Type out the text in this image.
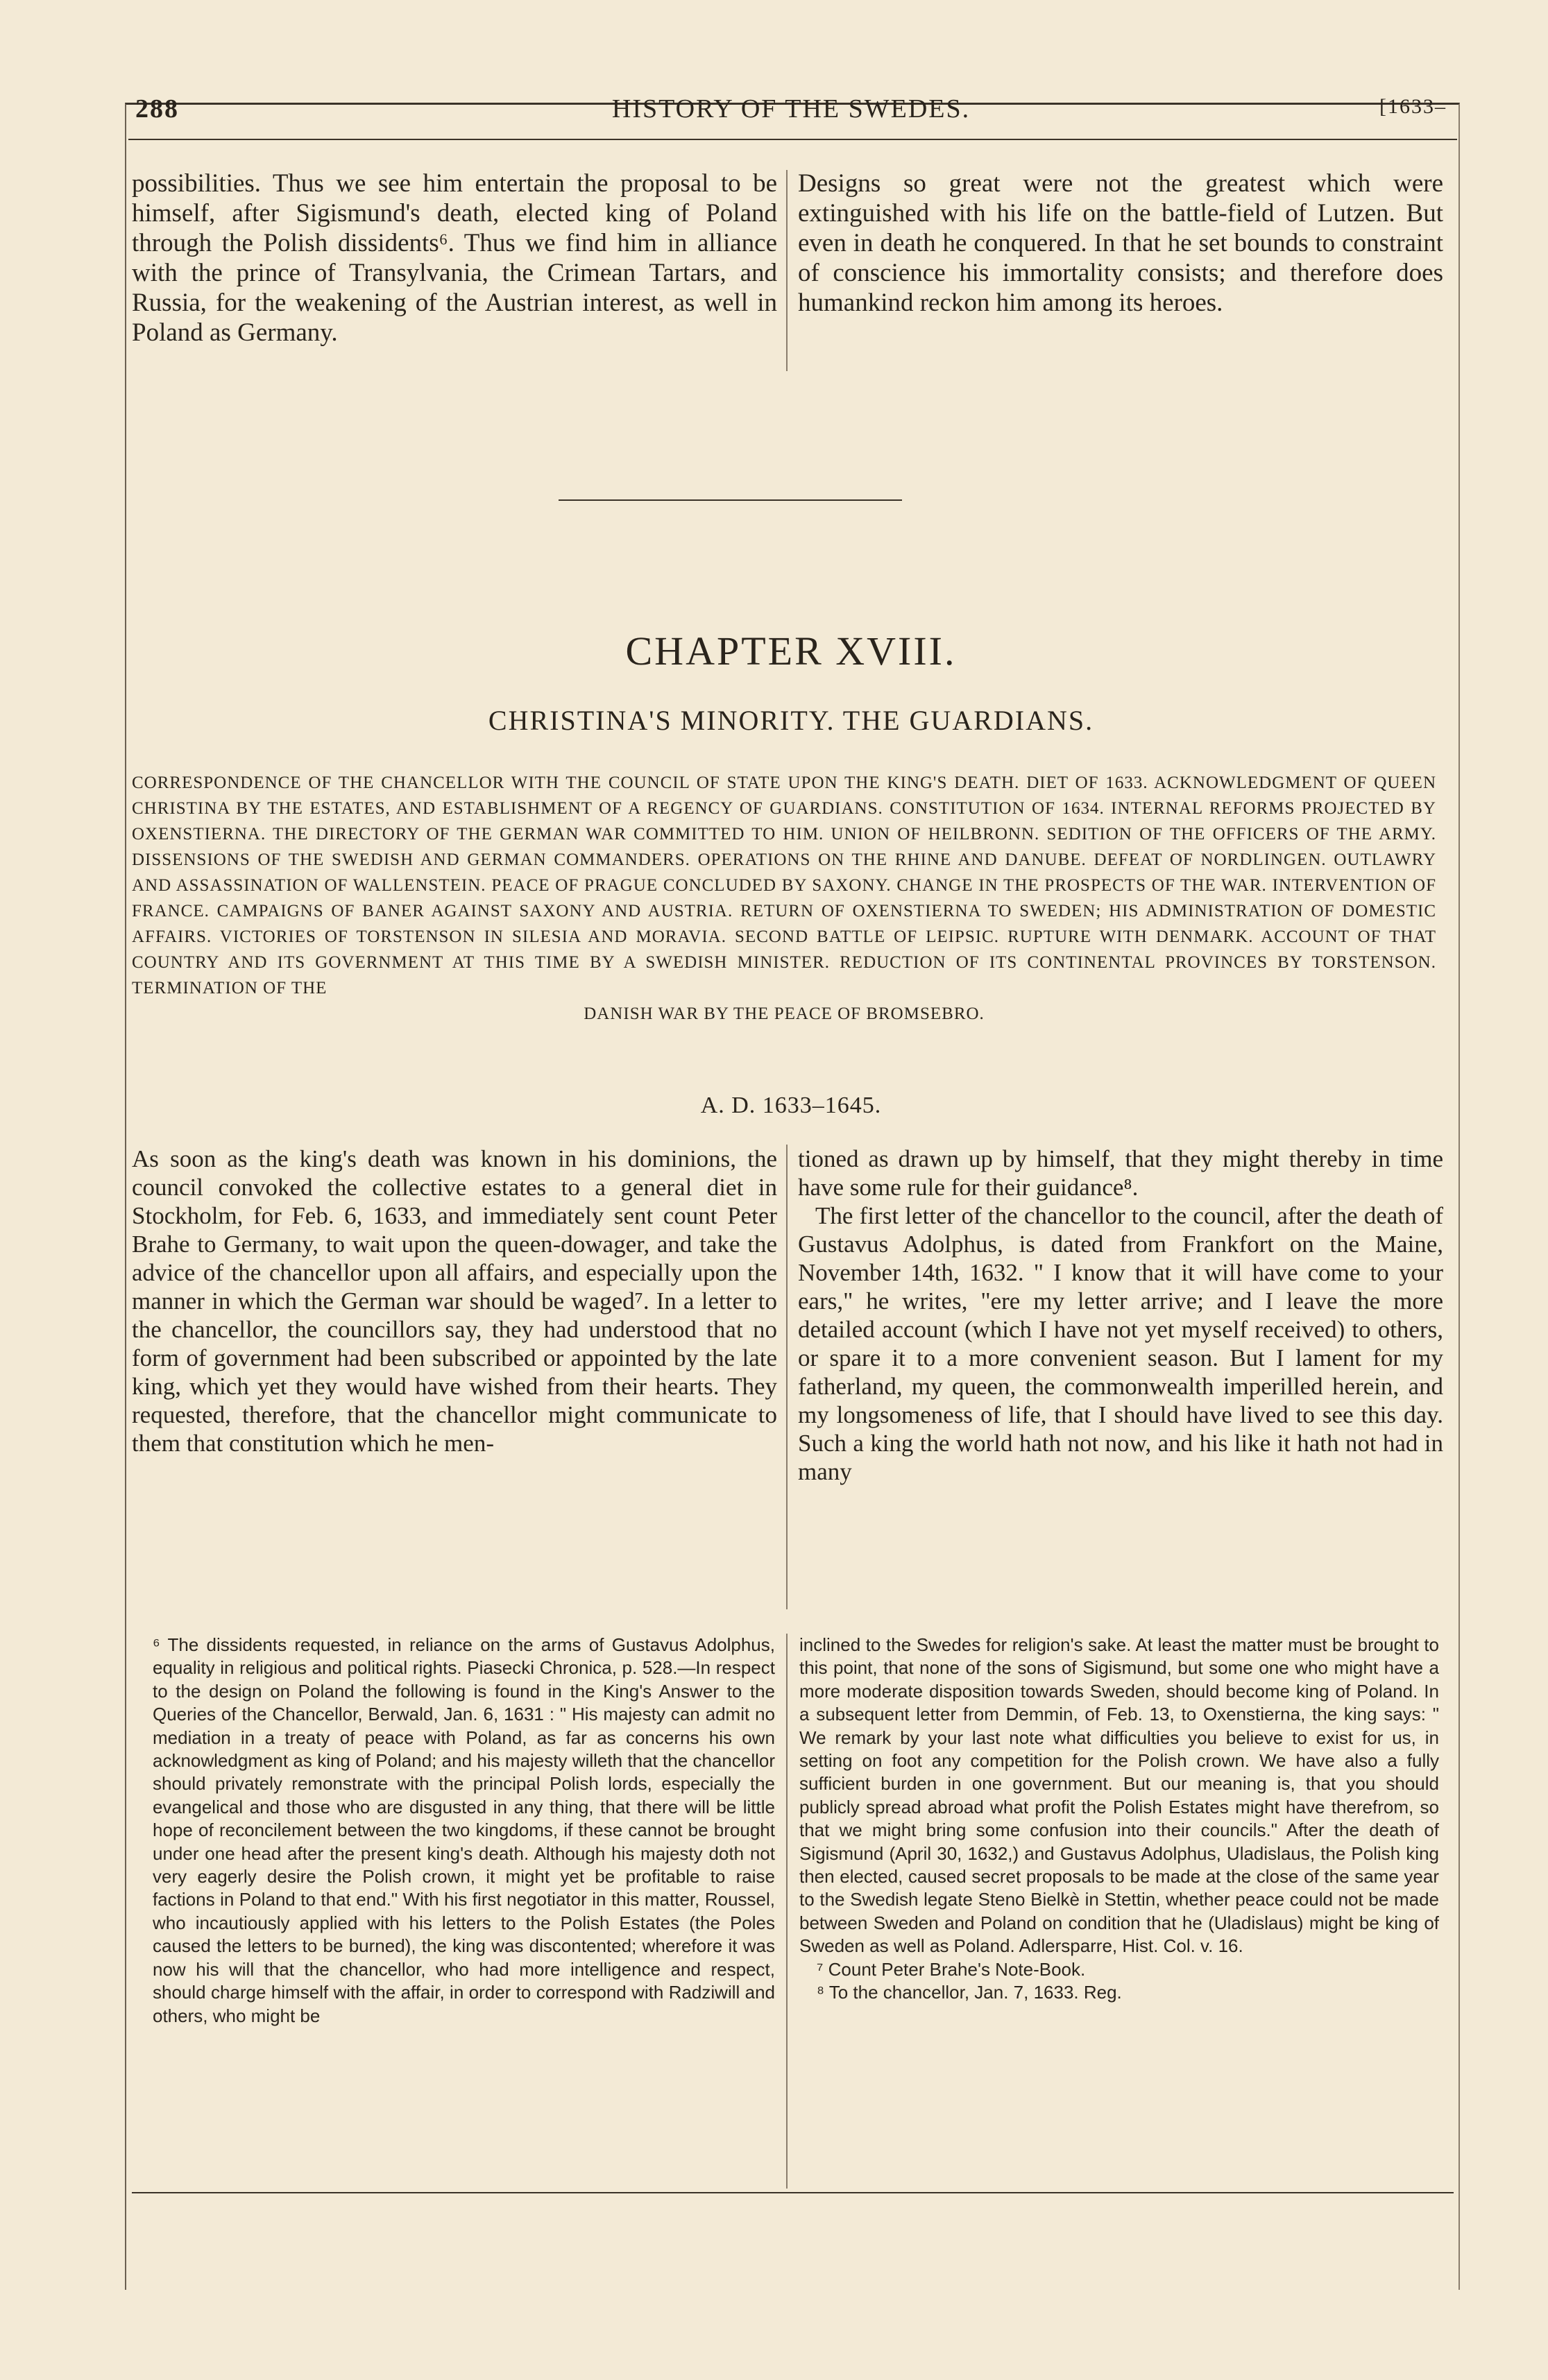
288	HISTORY OF THE SWEDES.	[1633–

possibilities. Thus we see him entertain the proposal to be himself, after Sigismund's death, elected king of Poland through the Polish dissidents⁶. Thus we find him in alliance with the prince of Transylvania, the Crimean Tartars, and Russia, for the weakening of the Austrian interest, as well in Poland as Germany.

Designs so great were not the greatest which were extinguished with his life on the battle-field of Lutzen. But even in death he conquered. In that he set bounds to constraint of conscience his immortality consists; and therefore does humankind reckon him among its heroes.

CHAPTER XVIII.
CHRISTINA'S MINORITY. THE GUARDIANS.
CORRESPONDENCE OF THE CHANCELLOR WITH THE COUNCIL OF STATE UPON THE KING'S DEATH. DIET OF 1633. ACKNOWLEDGMENT OF QUEEN CHRISTINA BY THE ESTATES, AND ESTABLISHMENT OF A REGENCY OF GUARDIANS. CONSTITUTION OF 1634. INTERNAL REFORMS PROJECTED BY OXENSTIERNA. THE DIRECTORY OF THE GERMAN WAR COMMITTED TO HIM. UNION OF HEILBRONN. SEDITION OF THE OFFICERS OF THE ARMY. DISSENSIONS OF THE SWEDISH AND GERMAN COMMANDERS. OPERATIONS ON THE RHINE AND DANUBE. DEFEAT OF NORDLINGEN. OUTLAWRY AND ASSASSINATION OF WALLENSTEIN. PEACE OF PRAGUE CONCLUDED BY SAXONY. CHANGE IN THE PROSPECTS OF THE WAR. INTERVENTION OF FRANCE. CAMPAIGNS OF BANER AGAINST SAXONY AND AUSTRIA. RETURN OF OXENSTIERNA TO SWEDEN; HIS ADMINISTRATION OF DOMESTIC AFFAIRS. VICTORIES OF TORSTENSON IN SILESIA AND MORAVIA. SECOND BATTLE OF LEIPSIC. RUPTURE WITH DENMARK. ACCOUNT OF THAT COUNTRY AND ITS GOVERNMENT AT THIS TIME BY A SWEDISH MINISTER. REDUCTION OF ITS CONTINENTAL PROVINCES BY TORSTENSON. TERMINATION OF THE
DANISH WAR BY THE PEACE OF BROMSEBRO.
A. D. 1633–1645.

As soon as the king's death was known in his dominions, the council convoked the collective estates to a general diet in Stockholm, for Feb. 6, 1633, and immediately sent count Peter Brahe to Germany, to wait upon the queen-dowager, and take the advice of the chancellor upon all affairs, and especially upon the manner in which the German war should be waged⁷. In a letter to the chancellor, the councillors say, they had understood that no form of government had been subscribed or appointed by the late king, which yet they would have wished from their hearts. They requested, therefore, that the chancellor might communicate to them that constitution which he men-

tioned as drawn up by himself, that they might thereby in time have some rule for their guidance⁸.

The first letter of the chancellor to the council, after the death of Gustavus Adolphus, is dated from Frankfort on the Maine, November 14th, 1632. " I know that it will have come to your ears," he writes, "ere my letter arrive; and I leave the more detailed account (which I have not yet myself received) to others, or spare it to a more convenient season. But I lament for my fatherland, my queen, the commonwealth imperilled herein, and my longsomeness of life, that I should have lived to see this day. Such a king the world hath not now, and his like it hath not had in many

⁶ The dissidents requested, in reliance on the arms of Gustavus Adolphus, equality in religious and political rights. Piasecki Chronica, p. 528.—In respect to the design on Poland the following is found in the King's Answer to the Queries of the Chancellor, Berwald, Jan. 6, 1631 : " His majesty can admit no mediation in a treaty of peace with Poland, as far as concerns his own acknowledgment as king of Poland; and his majesty willeth that the chancellor should privately remonstrate with the principal Polish lords, especially the evangelical and those who are disgusted in any thing, that there will be little hope of reconcilement between the two kingdoms, if these cannot be brought under one head after the present king's death. Although his majesty doth not very eagerly desire the Polish crown, it might yet be profitable to raise factions in Poland to that end." With his first negotiator in this matter, Roussel, who incautiously applied with his letters to the Polish Estates (the Poles caused the letters to be burned), the king was discontented; wherefore it was now his will that the chancellor, who had more intelligence and respect, should charge himself with the affair, in order to correspond with Radziwill and others, who might be

inclined to the Swedes for religion's sake. At least the matter must be brought to this point, that none of the sons of Sigismund, but some one who might have a more moderate disposition towards Sweden, should become king of Poland. In a subsequent letter from Demmin, of Feb. 13, to Oxenstierna, the king says: " We remark by your last note what difficulties you believe to exist for us, in setting on foot any competition for the Polish crown. We have also a fully sufficient burden in one government. But our meaning is, that you should publicly spread abroad what profit the Polish Estates might have therefrom, so that we might bring some confusion into their councils." After the death of Sigismund (April 30, 1632,) and Gustavus Adolphus, Uladislaus, the Polish king then elected, caused secret proposals to be made at the close of the same year to the Swedish legate Steno Bielkè in Stettin, whether peace could not be made between Sweden and Poland on condition that he (Uladislaus) might be king of Sweden as well as Poland. Adlersparre, Hist. Col. v. 16.

⁷ Count Peter Brahe's Note-Book.

⁸ To the chancellor, Jan. 7, 1633. Reg.
